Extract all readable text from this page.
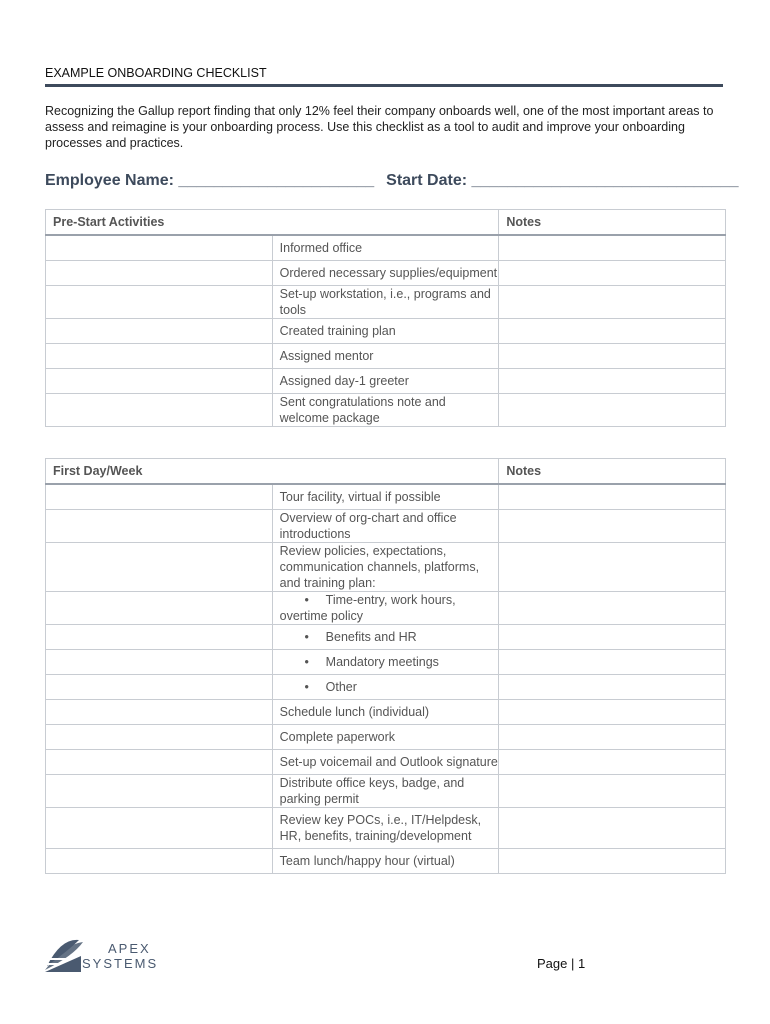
EXAMPLE ONBOARDING CHECKLIST
Recognizing the Gallup report finding that only 12% feel their company onboards well, one of the most important areas to assess and reimagine is your onboarding process. Use this checklist as a tool to audit and improve your onboarding processes and practices.
Employee Name: ______________________ Start Date: ______________________________
Pre-Start Activities		Notes
	Informed office	
	Ordered necessary supplies/equipment	
	Set-up workstation, i.e., programs and tools	
	Created training plan	
	Assigned mentor	
	Assigned day-1 greeter	
	Sent congratulations note and welcome package	
First Day/Week		Notes
	Tour facility, virtual if possible	
	Overview of org-chart and office introductions	
	Review policies, expectations, communication channels, platforms, and training plan:	
	• Time-entry, work hours, overtime policy	
	• Benefits and HR	
	• Mandatory meetings	
	• Other	
	Schedule lunch (individual)	
	Complete paperwork	
	Set-up voicemail and Outlook signature	
	Distribute office keys, badge, and parking permit	
	Review key POCs, i.e., IT/Helpdesk, HR, benefits, training/development	
	Team lunch/happy hour (virtual)	
APEX
SYSTEMS	Page | 1
